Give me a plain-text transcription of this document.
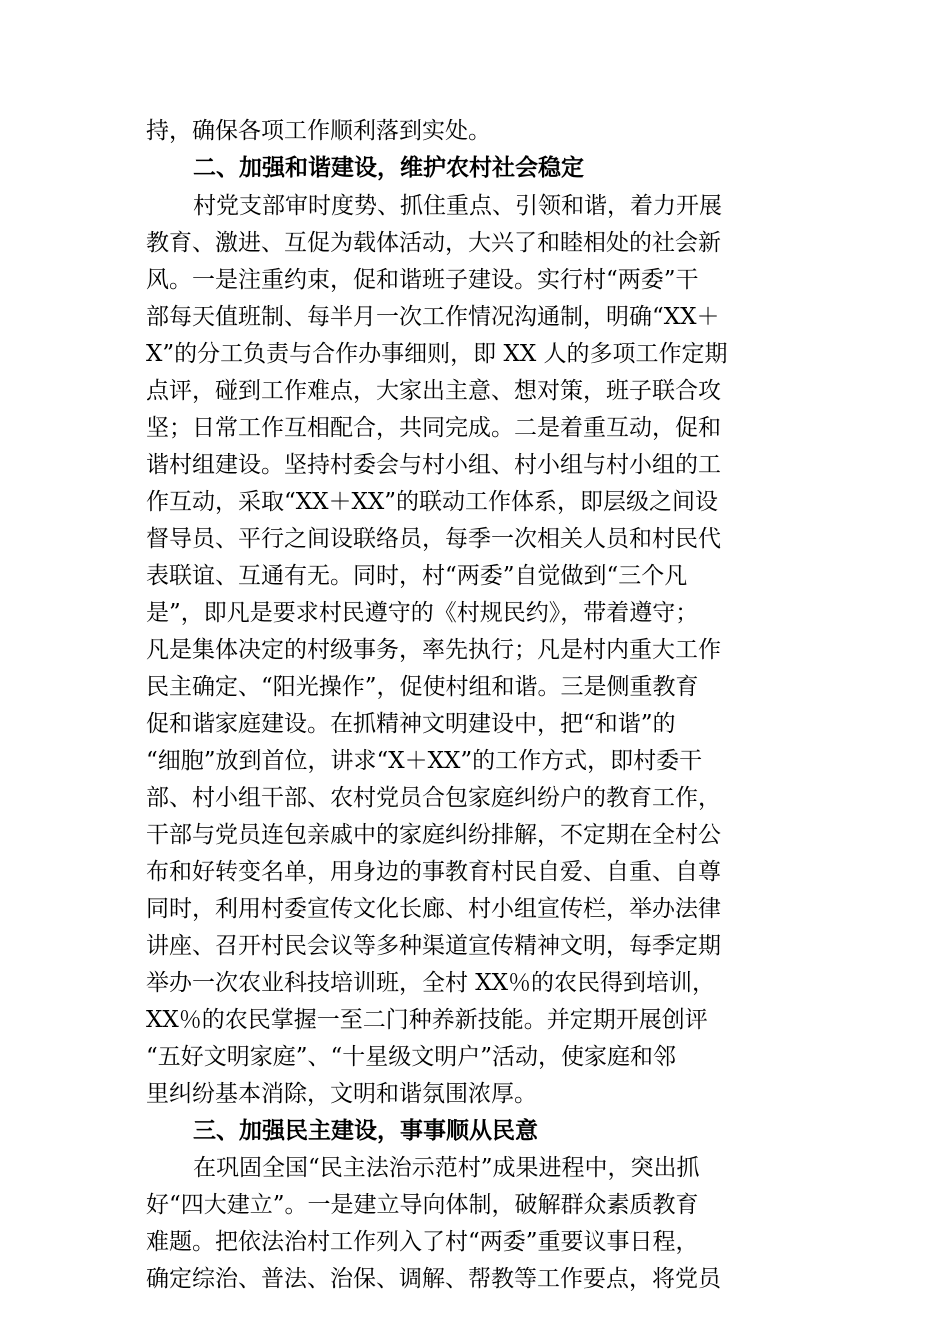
持，确保各项工作顺利落到实处。
二、加强和谐建设，维护农村社会稳定
村党支部审时度势、抓住重点、引领和谐，着力开展
教育、激进、互促为载体活动，大兴了和睦相处的社会新
风。一是注重约束，促和谐班子建设。实行村“两委”干
部每天值班制、每半月一次工作情况沟通制，明确“XX＋
X”的分工负责与合作办事细则，即 XX 人的多项工作定期
点评，碰到工作难点，大家出主意、想对策，班子联合攻
坚；日常工作互相配合，共同完成。二是着重互动，促和
谐村组建设。坚持村委会与村小组、村小组与村小组的工
作互动，采取“XX＋XX”的联动工作体系，即层级之间设
督导员、平行之间设联络员，每季一次相关人员和村民代
表联谊、互通有无。同时，村“两委”自觉做到“三个凡
是”，即凡是要求村民遵守的《村规民约》，带着遵守；
凡是集体决定的村级事务，率先执行；凡是村内重大工作
民主确定、“阳光操作”，促使村组和谐。三是侧重教育
促和谐家庭建设。在抓精神文明建设中，把“和谐”的
“细胞”放到首位，讲求“X＋XX”的工作方式，即村委干
部、村小组干部、农村党员合包家庭纠纷户的教育工作，
干部与党员连包亲戚中的家庭纠纷排解，不定期在全村公
布和好转变名单，用身边的事教育村民自爱、自重、自尊
同时，利用村委宣传文化长廊、村小组宣传栏，举办法律
讲座、召开村民会议等多种渠道宣传精神文明，每季定期
举办一次农业科技培训班，全村 XX％的农民得到培训，
XX％的农民掌握一至二门种养新技能。并定期开展创评
“五好文明家庭”、“十星级文明户”活动，使家庭和邻
里纠纷基本消除，文明和谐氛围浓厚。
三、加强民主建设，事事顺从民意
在巩固全国“民主法治示范村”成果进程中，突出抓
好“四大建立”。一是建立导向体制，破解群众素质教育
难题。把依法治村工作列入了村“两委”重要议事日程，
确定综治、普法、治保、调解、帮教等工作要点，将党员
